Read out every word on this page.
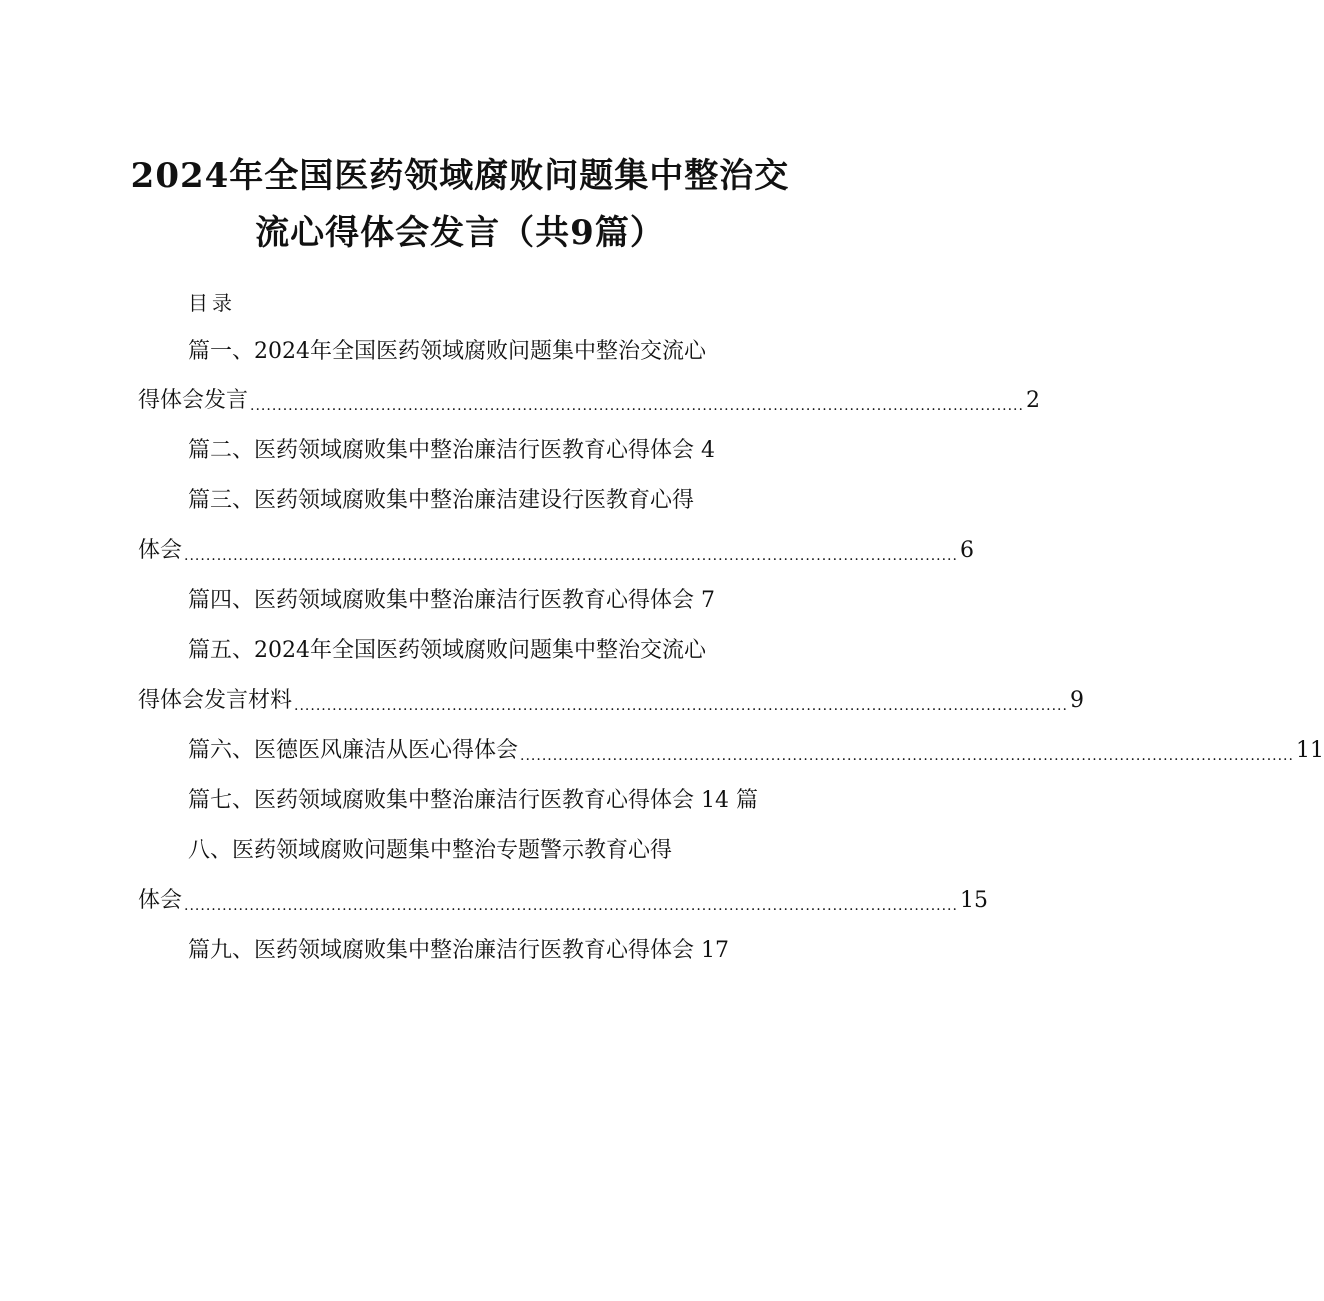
2024年全国医药领域腐败问题集中整治交
流心得体会发言（共9篇）
目录
篇一、2024年全国医药领域腐败问题集中整治交流心
得体会发言 .............................................................................................................................................. 2
篇二、医药领域腐败集中整治廉洁行医教育心得体会 4
篇三、医药领域腐败集中整治廉洁建设行医教育心得
体会 .............................................................................................................................................. 6
篇四、医药领域腐败集中整治廉洁行医教育心得体会 7
篇五、2024年全国医药领域腐败问题集中整治交流心
得体会发言材料 .............................................................................................................................................. 9
篇六、医德医风廉洁从医心得体会 .............................................................................................................................................. 11
篇七、医药领域腐败集中整治廉洁行医教育心得体会 14 篇
八、医药领域腐败问题集中整治专题警示教育心得
体会 .............................................................................................................................................. 15
篇九、医药领域腐败集中整治廉洁行医教育心得体会 17
